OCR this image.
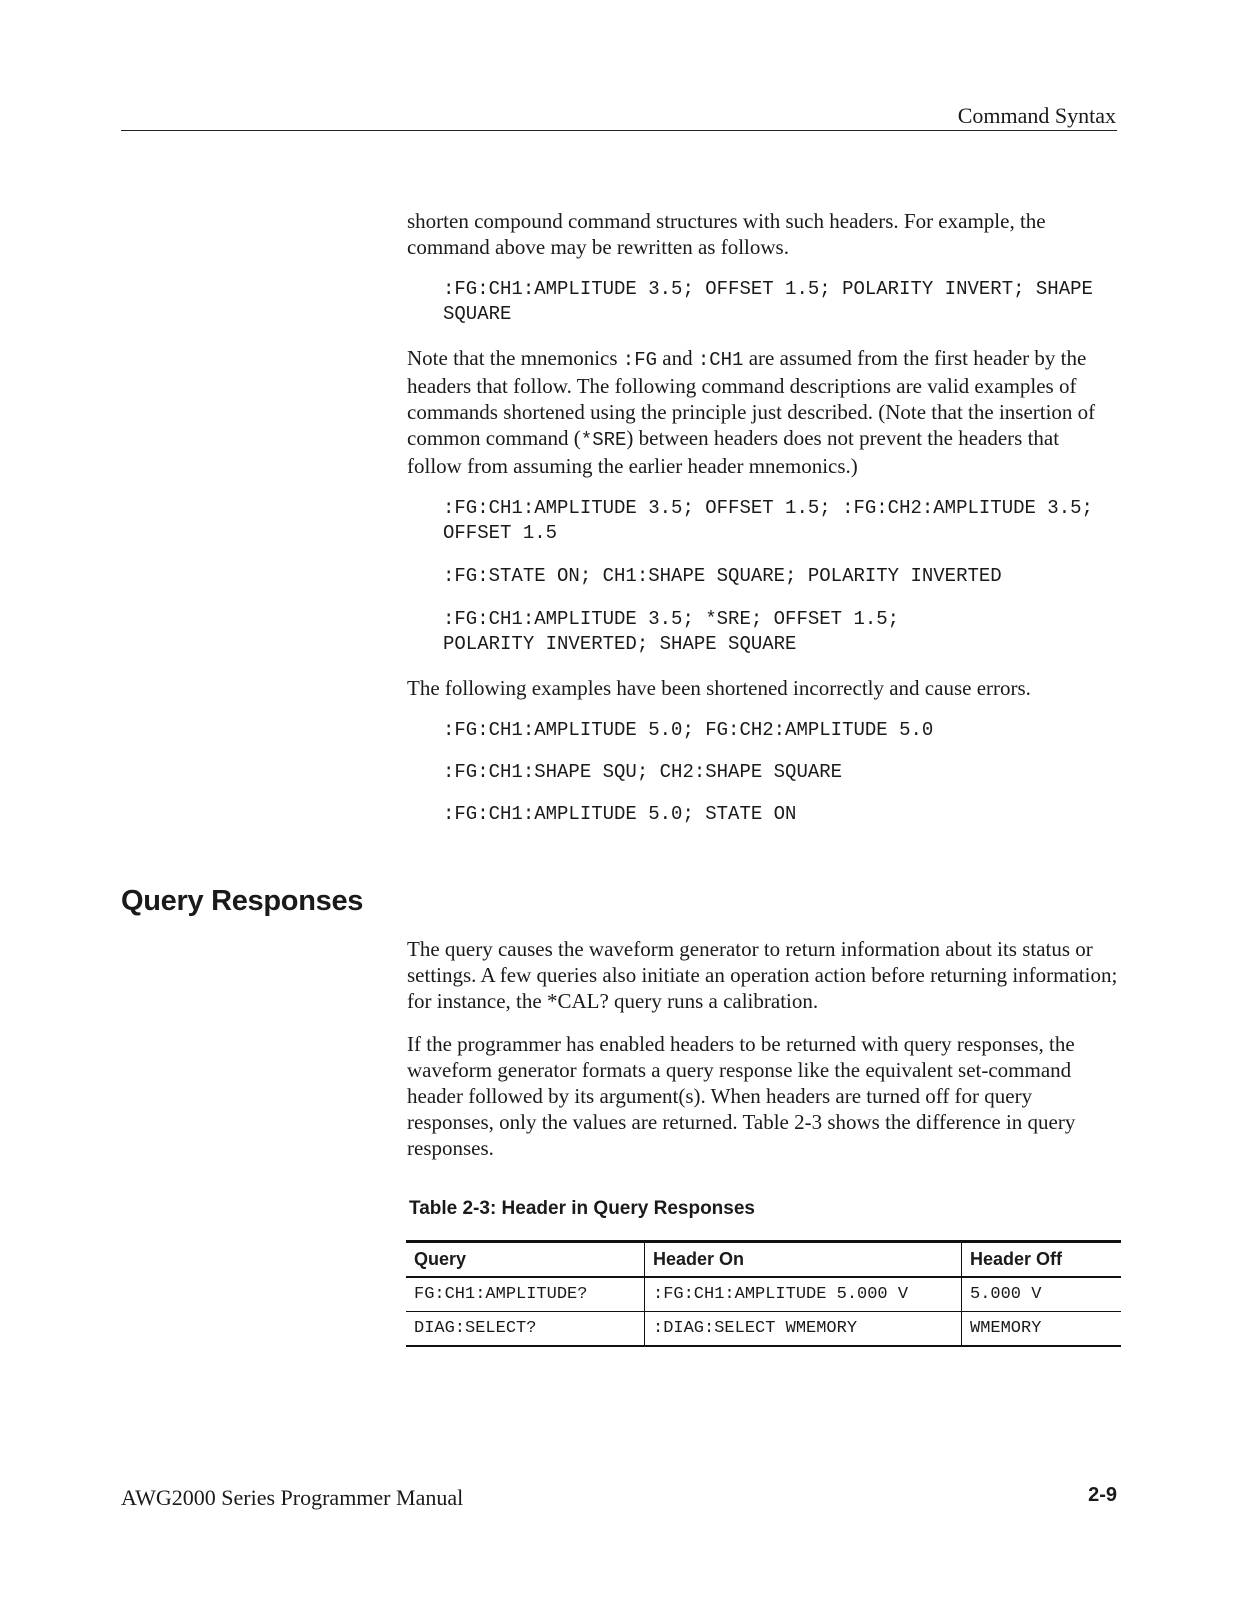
Command Syntax

shorten compound command structures with such headers. For example, the command above may be rewritten as follows.

:FG:CH1:AMPLITUDE 3.5; OFFSET 1.5; POLARITY INVERT; SHAPE
SQUARE

Note that the mnemonics :FG and :CH1 are assumed from the first header by the headers that follow. The following command descriptions are valid examples of commands shortened using the principle just described. (Note that the insertion of common command (*SRE) between headers does not prevent the headers that follow from assuming the earlier header mnemonics.)

:FG:CH1:AMPLITUDE 3.5; OFFSET 1.5; :FG:CH2:AMPLITUDE 3.5;
OFFSET 1.5
:FG:STATE ON; CH1:SHAPE SQUARE; POLARITY INVERTED
:FG:CH1:AMPLITUDE 3.5; *SRE; OFFSET 1.5;
POLARITY INVERTED; SHAPE SQUARE

The following examples have been shortened incorrectly and cause errors.

:FG:CH1:AMPLITUDE 5.0; FG:CH2:AMPLITUDE 5.0
:FG:CH1:SHAPE SQU; CH2:SHAPE SQUARE
:FG:CH1:AMPLITUDE 5.0; STATE ON
Query Responses

The query causes the waveform generator to return information about its status or settings. A few queries also initiate an operation action before returning information; for instance, the *CAL? query runs a calibration.

If the programmer has enabled headers to be returned with query responses, the waveform generator formats a query response like the equivalent set-command header followed by its argument(s). When headers are turned off for query responses, only the values are returned. Table 2-3 shows the difference in query responses.

Table 2-3: Header in Query Responses
Query	Header On	Header Off
FG:CH1:AMPLITUDE?	:FG:CH1:AMPLITUDE 5.000 V	5.000 V
DIAG:SELECT?	:DIAG:SELECT WMEMORY	WMEMORY
AWG2000 Series Programmer Manual	2-9
